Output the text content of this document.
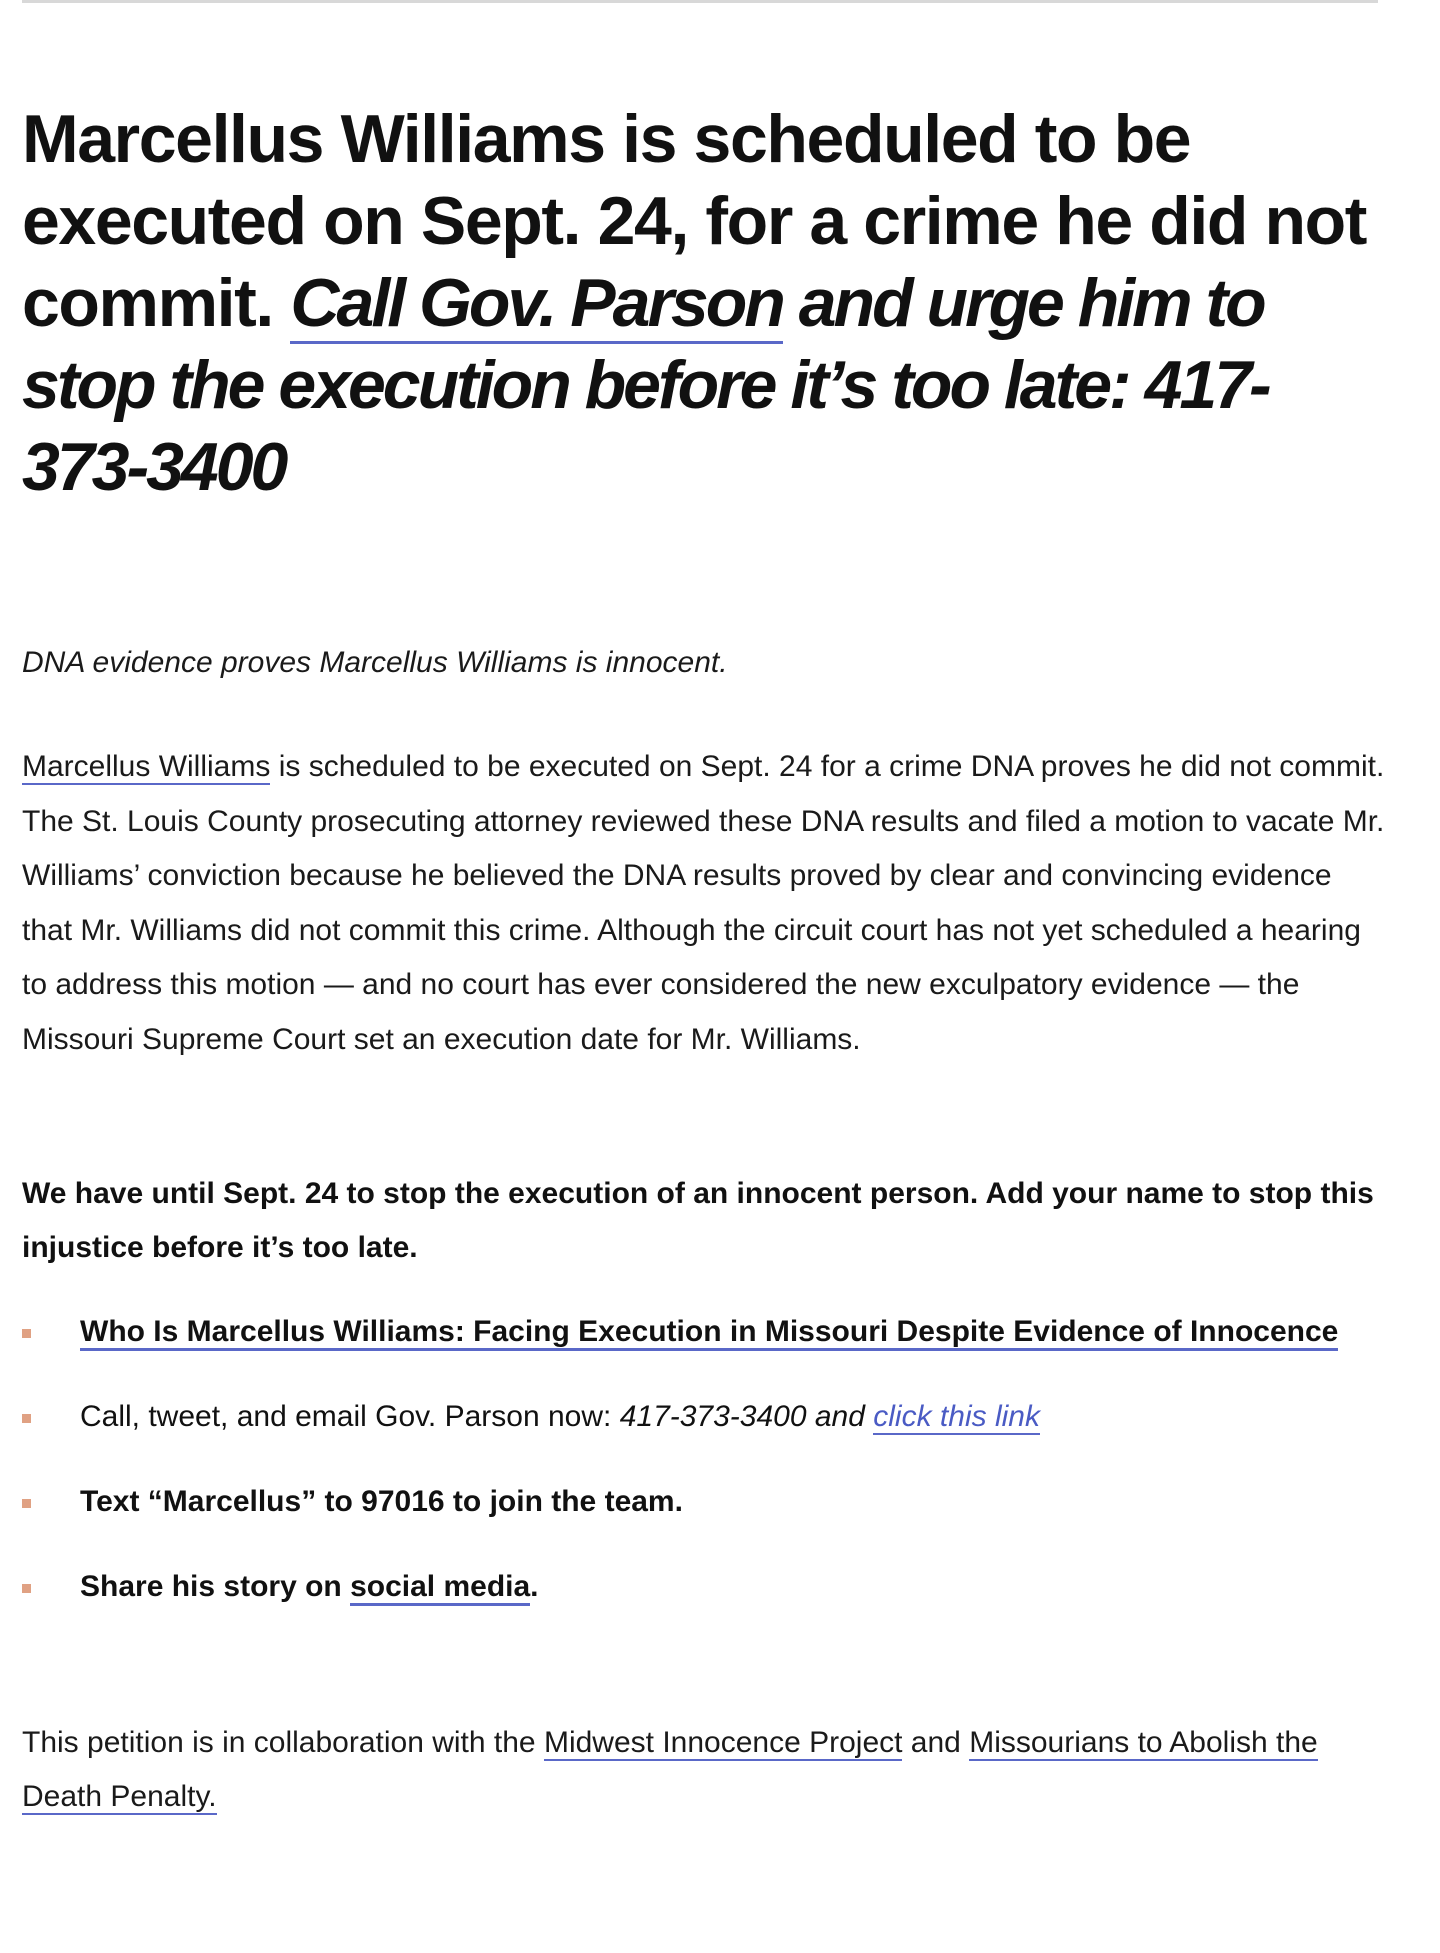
Marcellus Williams is scheduled to be executed on Sept. 24, for a crime he did not commit. Call Gov. Parson and urge him to stop the execution before it’s too late: 417-373-3400

DNA evidence proves Marcellus Williams is innocent.

Marcellus Williams is scheduled to be executed on Sept. 24 for a crime DNA proves he did not commit. The St. Louis County prosecuting attorney reviewed these DNA results and filed a motion to vacate Mr. Williams’ conviction because he believed the DNA results proved by clear and convincing evidence that Mr. Williams did not commit this crime. Although the circuit court has not yet scheduled a hearing to address this motion — and no court has ever considered the new exculpatory evidence — the Missouri Supreme Court set an execution date for Mr. Williams.

We have until Sept. 24 to stop the execution of an innocent person. Add your name to stop this injustice before it’s too late.

Who Is Marcellus Williams: Facing Execution in Missouri Despite Evidence of Innocence
Call, tweet, and email Gov. Parson now: 417-373-3400 and click this link
Text “Marcellus” to 97016 to join the team.
Share his story on social media.

This petition is in collaboration with the Midwest Innocence Project and Missourians to Abolish the Death Penalty.
